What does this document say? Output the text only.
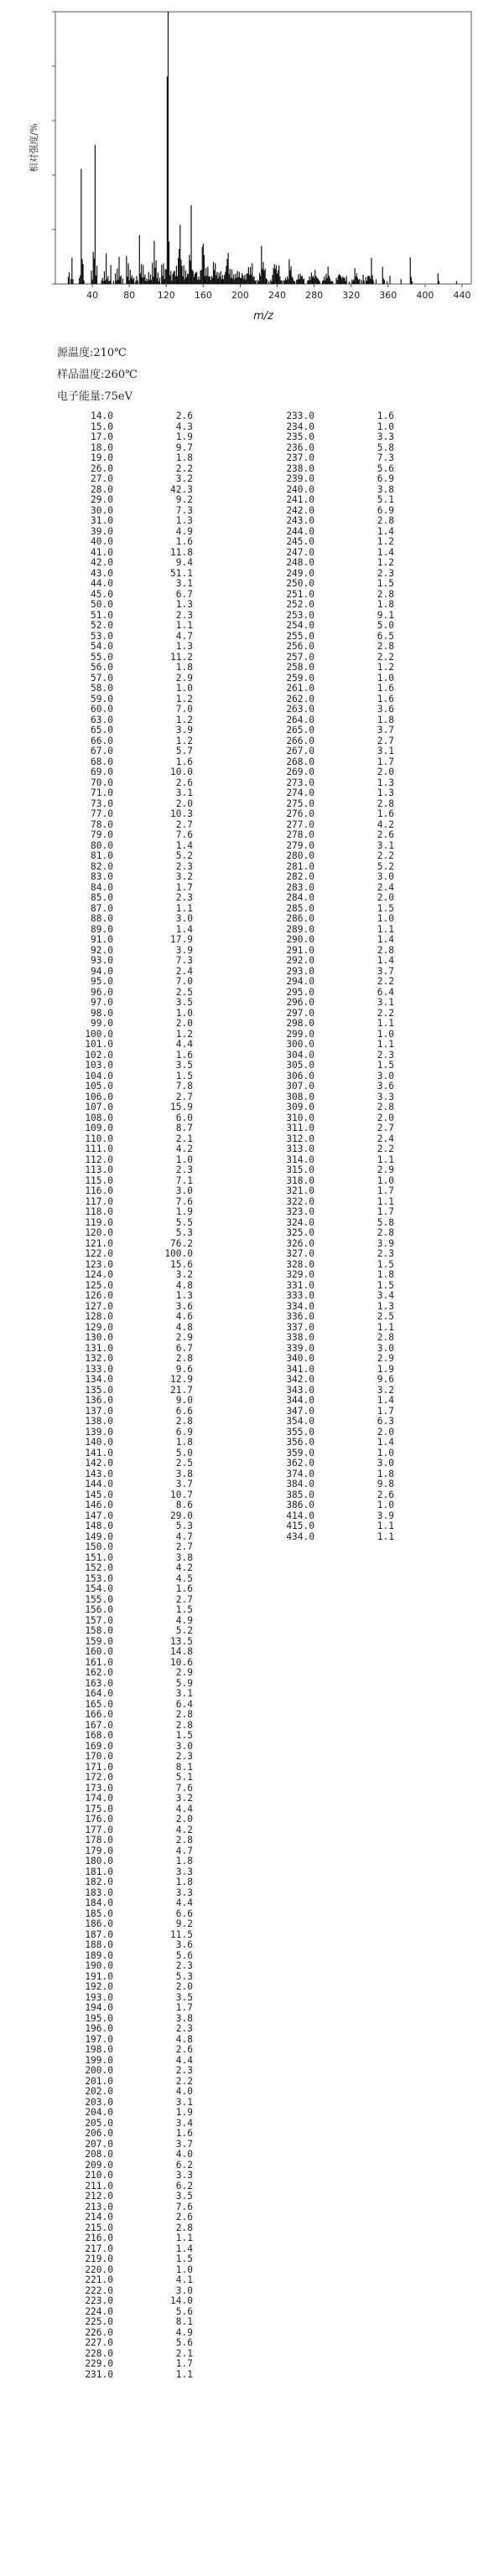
40	80 120 160 200 240 280 320 360 400 440
m/z
相对强度/%
源温度:210℃
样品温度:260℃
电子能量:75eV
14.0	2.6
15.0	4.3
17.0	1.9
18.0	9.7
19.0	1.8
26.0	2.2
27.0	3.2
28.0	42.3
29.0	9.2
30.0	7.3
31.0	1.3
39.0	4.9
40.0	1.6
41.0	11.8
42.0	9.4
43.0	51.1
44.0	3.1
45.0	6.7
50.0	1.3
51.0	2.3
52.0	1.1
53.0	4.7
54.0	1.3
55.0	11.2
56.0	1.8
57.0	2.9
58.0	1.0
59.0	1.2
60.0	7.0
63.0	1.2
65.0	3.9
66.0	1.2
67.0	5.7
68.0	1.6
69.0	10.0
70.0	2.6
71.0	3.1
73.0	2.0
77.0	10.3
78.0	2.7
79.0	7.6
80.0	1.4
81.0	5.2
82.0	2.3
83.0	3.2
84.0	1.7
85.0	2.3
87.0	1.1
88.0	3.0
89.0	1.4
91.0	17.9
92.0	3.9
93.0	7.3
94.0	2.4
95.0	7.0
96.0	2.5
97.0	3.5
98.0	1.0
99.0	2.0
100.0	1.2
101.0	4.4
102.0	1.6
103.0	3.5
104.0	1.5
105.0	7.8
106.0	2.7
107.0	15.9
108.0	6.0
109.0	8.7
110.0	2.1
111.0	4.2
112.0	1.0
113.0	2.3
115.0	7.1
116.0	3.0
117.0	7.6
118.0	1.9
119.0	5.5
120.0	5.3
121.0	76.2
122.0	100.0
123.0	15.6
124.0	3.2
125.0	4.8
126.0	1.3
127.0	3.6
128.0	4.6
129.0	4.8
130.0	2.9
131.0	6.7
132.0	2.8
133.0	9.6
134.0	12.9
135.0	21.7
136.0	9.0
137.0	6.6
138.0	2.8
139.0	6.9
140.0	1.8
141.0	5.0
142.0	2.5
143.0	3.8
144.0	3.7
145.0	10.7
146.0	8.6
147.0	29.0
148.0	5.3
149.0	4.7
150.0	2.7
151.0	3.8
152.0	4.2
153.0	4.5
154.0	1.6
155.0	2.7
156.0	1.5
157.0	4.9
158.0	5.2
159.0	13.5
160.0	14.8
161.0	10.6
162.0	2.9
163.0	5.9
164.0	3.1
165.0	6.4
166.0	2.8
167.0	2.8
168.0	1.5
169.0	3.0
170.0	2.3
171.0	8.1
172.0	5.1
173.0	7.6
174.0	3.2
175.0	4.4
176.0	2.0
177.0	4.2
178.0	2.8
179.0	4.7
180.0	1.8
181.0	3.3
182.0	1.8
183.0	3.3
184.0	4.4
185.0	6.6
186.0	9.2
187.0	11.5
188.0	3.6
189.0	5.6
190.0	2.3
191.0	5.3
192.0	2.0
193.0	3.5
194.0	1.7
195.0	3.8
196.0	2.3
197.0	4.8
198.0	2.6
199.0	4.4
200.0	2.3
201.0	2.2
202.0	4.0
203.0	3.1
204.0	1.9
205.0	3.4
206.0	1.6
207.0	3.7
208.0	4.0
209.0	6.2
210.0	3.3
211.0	6.2
212.0	3.5
213.0	7.6
214.0	2.6
215.0	2.8
216.0	1.1
217.0	1.4
219.0	1.5
220.0	1.0
221.0	4.1
222.0	3.0
223.0	14.0
224.0	5.6
225.0	8.1
226.0	4.9
227.0	5.6
228.0	2.1
229.0	1.7
231.0	1.1
233.0	1.6
234.0	1.0
235.0	3.3
236.0	5.8
237.0	7.3
238.0	5.6
239.0	6.9
240.0	3.8
241.0	5.1
242.0	6.9
243.0	2.8
244.0	1.4
245.0	1.2
247.0	1.4
248.0	1.2
249.0	2.3
250.0	1.5
251.0	2.8
252.0	1.8
253.0	9.1
254.0	5.0
255.0	6.5
256.0	2.8
257.0	2.2
258.0	1.2
259.0	1.0
261.0	1.6
262.0	1.6
263.0	3.6
264.0	1.8
265.0	3.7
266.0	2.7
267.0	3.1
268.0	1.7
269.0	2.0
273.0	1.3
274.0	1.3
275.0	2.8
276.0	1.6
277.0	4.2
278.0	2.6
279.0	3.1
280.0	2.2
281.0	5.2
282.0	3.0
283.0	2.4
284.0	2.0
285.0	1.5
286.0	1.0
289.0	1.1
290.0	1.4
291.0	2.8
292.0	1.4
293.0	3.7
294.0	2.2
295.0	6.4
296.0	3.1
297.0	2.2
298.0	1.1
299.0	1.0
300.0	1.1
304.0	2.3
305.0	1.5
306.0	3.0
307.0	3.6
308.0	3.3
309.0	2.8
310.0	2.0
311.0	2.7
312.0	2.4
313.0	2.2
314.0	1.1
315.0	2.9
318.0	1.0
321.0	1.7
322.0	1.1
323.0	1.7
324.0	5.8
325.0	2.8
326.0	3.9
327.0	2.3
328.0	1.5
329.0	1.8
331.0	1.5
333.0	3.4
334.0	1.3
336.0	2.5
337.0	1.1
338.0	2.8
339.0	3.0
340.0	2.9
341.0	1.9
342.0	9.6
343.0	3.2
344.0	1.4
347.0	1.7
354.0	6.3
355.0	2.0
356.0	1.4
359.0	1.0
362.0	3.0
374.0	1.8
384.0	9.8
385.0	2.6
386.0	1.0
414.0	3.9
415.0	1.1
434.0	1.1
